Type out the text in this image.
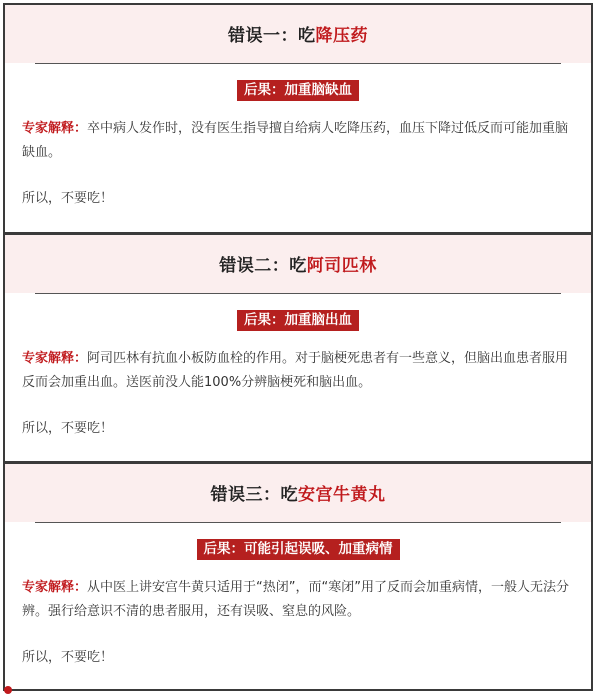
错误一：吃降压药
后果：加重脑缺血
专家解释：卒中病人发作时，没有医生指导擅自给病人吃降压药，血压下降过低反而可能加重脑缺血。
所以，不要吃！
错误二：吃阿司匹林
后果：加重脑出血
专家解释：阿司匹林有抗血小板防血栓的作用。对于脑梗死患者有一些意义，但脑出血患者服用反而会加重出血。送医前没人能100%分辨脑梗死和脑出血。
所以，不要吃！
错误三：吃安宫牛黄丸
后果：可能引起误吸、加重病情
专家解释：从中医上讲安宫牛黄只适用于“热闭”，而“寒闭”用了反而会加重病情，一般人无法分辨。强行给意识不清的患者服用，还有误吸、窒息的风险。
所以，不要吃！
